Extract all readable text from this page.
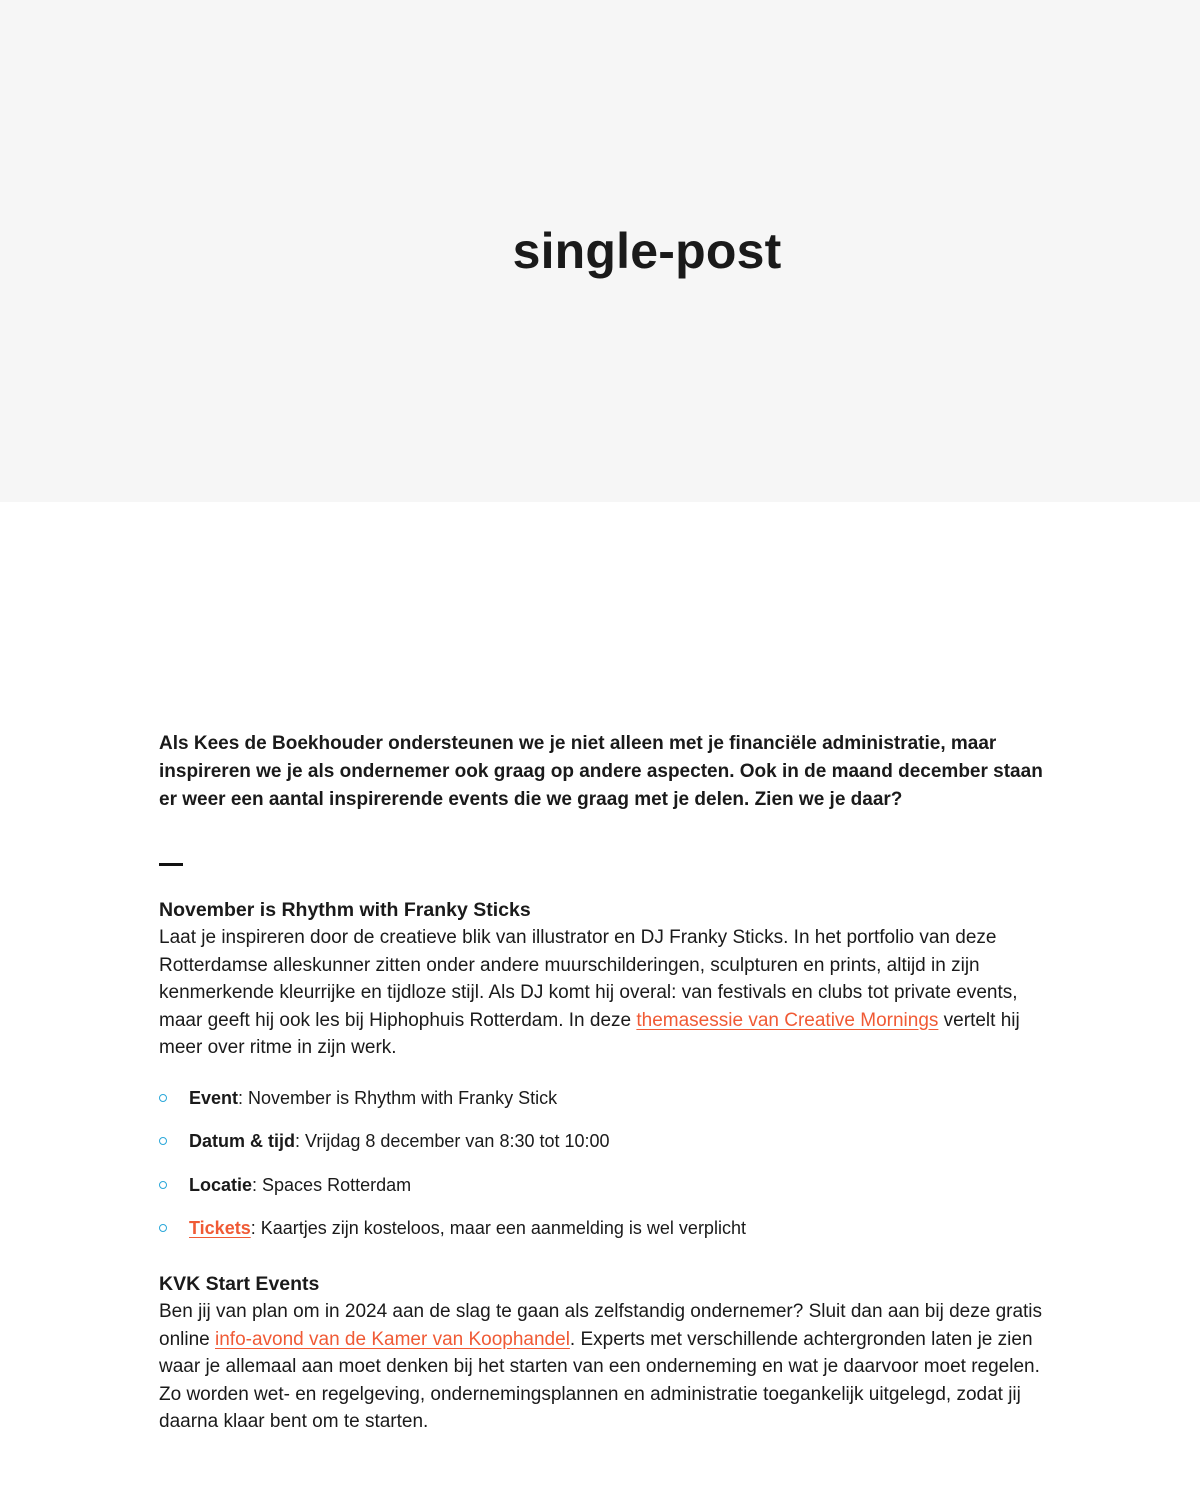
single-post

Als Kees de Boekhouder ondersteunen we je niet alleen met je financiële administratie, maar inspireren we je als ondernemer ook graag op andere aspecten. Ook in de maand december staan er weer een aantal inspirerende events die we graag met je delen. Zien we je daar?

November is Rhythm with Franky Sticks

Laat je inspireren door de creatieve blik van illustrator en DJ Franky Sticks. In het portfolio van deze Rotterdamse alleskunner zitten onder andere muurschilderingen, sculpturen en prints, altijd in zijn kenmerkende kleurrijke en tijdloze stijl. Als DJ komt hij overal: van festivals en clubs tot private events, maar geeft hij ook les bij Hiphophuis Rotterdam. In deze themasessie van Creative Mornings vertelt hij meer over ritme in zijn werk.

Event: November is Rhythm with Franky Stick
Datum & tijd: Vrijdag 8 december van 8:30 tot 10:00
Locatie: Spaces Rotterdam
Tickets: Kaartjes zijn kosteloos, maar een aanmelding is wel verplicht
KVK Start Events

Ben jij van plan om in 2024 aan de slag te gaan als zelfstandig ondernemer? Sluit dan aan bij deze gratis online info-avond van de Kamer van Koophandel. Experts met verschillende achtergronden laten je zien waar je allemaal aan moet denken bij het starten van een onderneming en wat je daarvoor moet regelen. Zo worden wet- en regelgeving, ondernemingsplannen en administratie toegankelijk uitgelegd, zodat jij daarna klaar bent om te starten.
